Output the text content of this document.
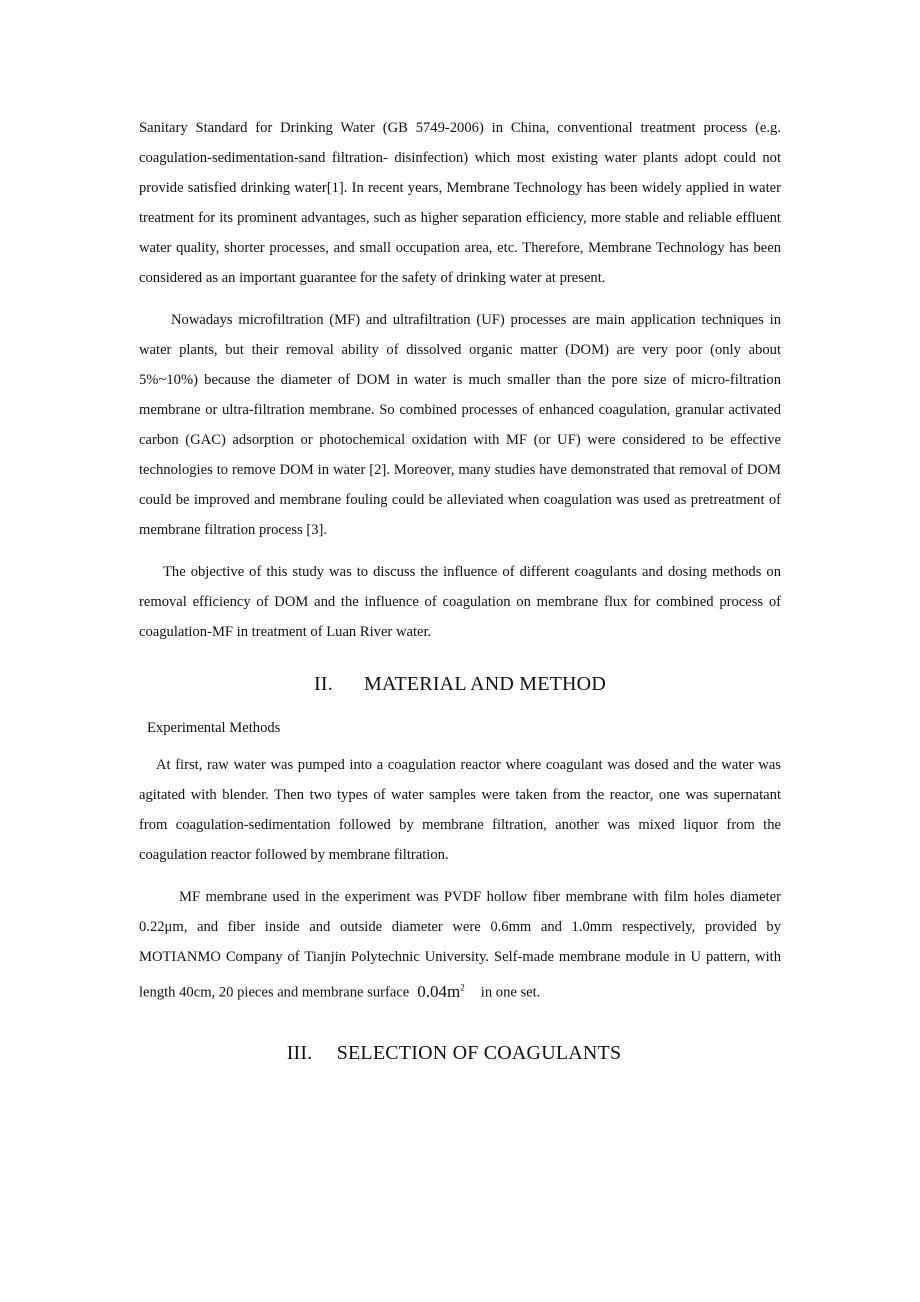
Sanitary Standard for Drinking Water (GB 5749-2006) in China, conventional treatment process (e.g. coagulation-sedimentation-sand filtration- disinfection) which most existing water plants adopt could not provide satisfied drinking water[1]. In recent years, Membrane Technology has been widely applied in water treatment for its prominent advantages, such as higher separation efficiency, more stable and reliable effluent water quality, shorter processes, and small occupation area, etc. Therefore, Membrane Technology has been considered as an important guarantee for the safety of drinking water at present.

Nowadays microfiltration (MF) and ultrafiltration (UF) processes are main application techniques in water plants, but their removal ability of dissolved organic matter (DOM) are very poor (only about 5%~10%) because the diameter of DOM in water is much smaller than the pore size of micro-filtration membrane or ultra-filtration membrane. So combined processes of enhanced coagulation, granular activated carbon (GAC) adsorption or photochemical oxidation with MF (or UF) were considered to be effective technologies to remove DOM in water [2]. Moreover, many studies have demonstrated that removal of DOM could be improved and membrane fouling could be alleviated when coagulation was used as pretreatment of membrane filtration process [3].

The objective of this study was to discuss the influence of different coagulants and dosing methods on removal efficiency of DOM and the influence of coagulation on membrane flux for combined process of coagulation-MF in treatment of Luan River water.

II. MATERIAL AND METHOD

Experimental Methods

At first, raw water was pumped into a coagulation reactor where coagulant was dosed and the water was agitated with blender. Then two types of water samples were taken from the reactor, one was supernatant from coagulation-sedimentation followed by membrane filtration, another was mixed liquor from the coagulation reactor followed by membrane filtration.

MF membrane used in the experiment was PVDF hollow fiber membrane with film holes diameter 0.22μm, and fiber inside and outside diameter were 0.6mm and 1.0mm respectively, provided by MOTIANMO Company of Tianjin Polytechnic University. Self-made membrane module in U pattern, with length 40cm, 20 pieces and membrane surface $0.04m^2$ in one set.

III. SELECTION OF COAGULANTS
